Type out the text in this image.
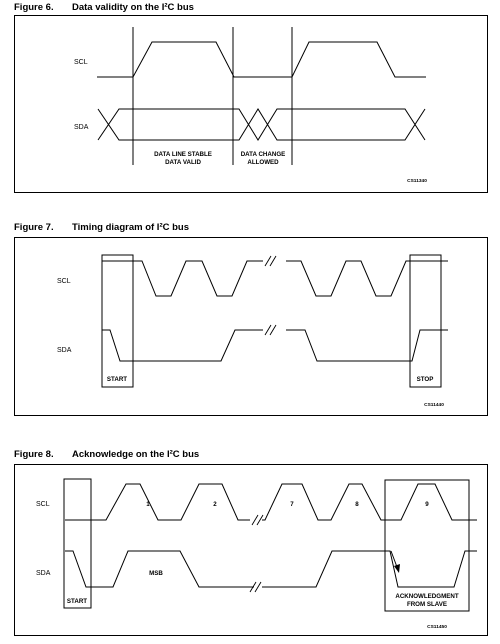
Figure 6. Data validity on the I²C bus
SCL
SDA
DATA LINE STABLE
DATA VALID
DATA CHANGE
ALLOWED
CS11340
Figure 7. Timing diagram of I²C bus
SCL
SDA
START	STOP
CS11440
Figure 8. Acknowledge on the I²C bus
SCL
SDA
1	2	7	8	9
MSB
START
ACKNOWLEDGMENT
FROM SLAVE
CS11450
